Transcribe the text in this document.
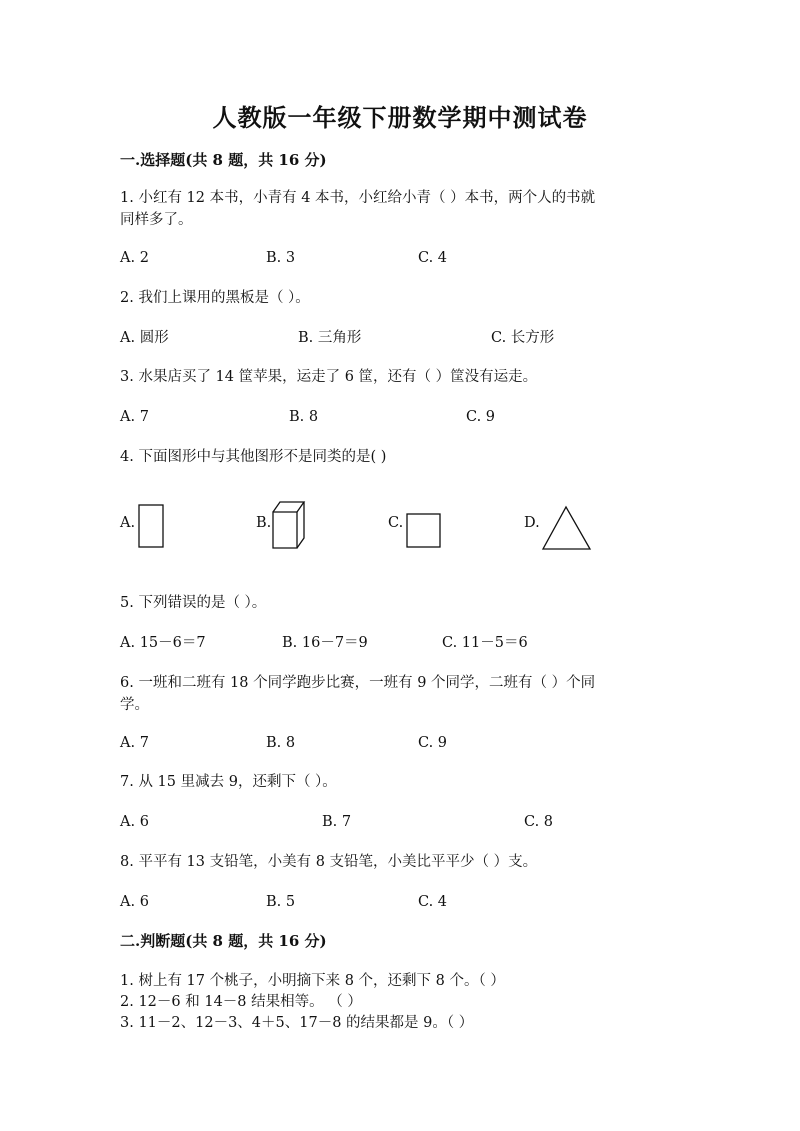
人教版一年级下册数学期中测试卷
一.选择题(共 8 题，共 16 分)
1. 小红有 12 本书，小青有 4 本书，小红给小青（ ）本书，两个人的书就
同样多了。
A. 2	B. 3	C. 4
2. 我们上课用的黑板是（ ）。
A. 圆形	B. 三角形	C. 长方形
3. 水果店买了 14 筐苹果，运走了 6 筐，还有（ ）筐没有运走。
A. 7	B. 8	C. 9
4. 下面图形中与其他图形不是同类的是( )
A.	B.	C.	D.
5. 下列错误的是（ ）。
A. 15－6＝7	B. 16－7＝9	C. 11－5＝6
6. 一班和二班有 18 个同学跑步比赛，一班有 9 个同学，二班有（ ）个同
学。
A. 7	B. 8	C. 9
7. 从 15 里减去 9，还剩下（ ）。
A. 6	B. 7	C. 8
8. 平平有 13 支铅笔，小美有 8 支铅笔，小美比平平少（ ）支。
A. 6	B. 5	C. 4
二.判断题(共 8 题，共 16 分)
1. 树上有 17 个桃子，小明摘下来 8 个，还剩下 8 个。（ ）
2. 12－6 和 14－8 结果相等。 （ ）
3. 11－2、12－3、4＋5、17－8 的结果都是 9。（ ）
